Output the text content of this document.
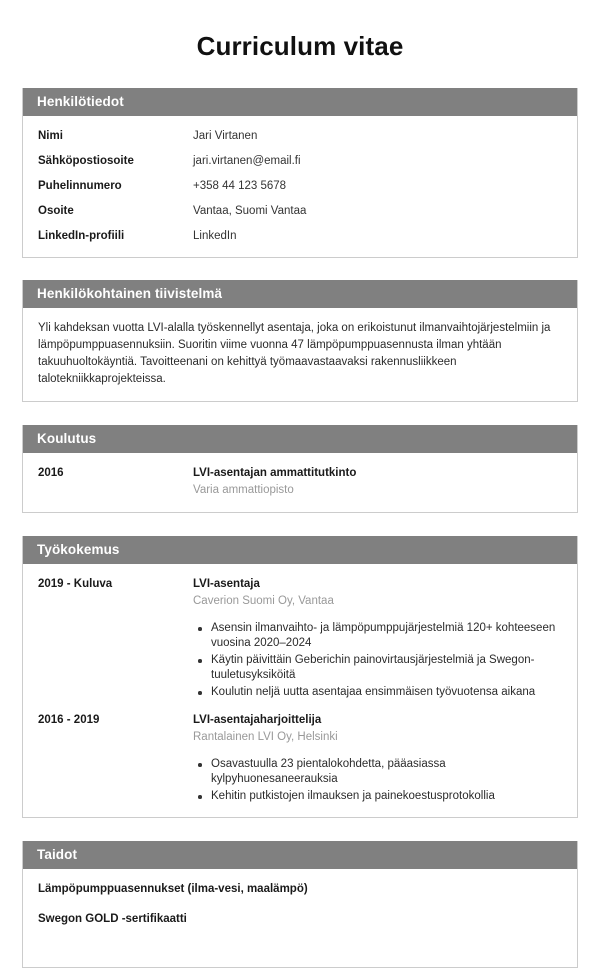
Curriculum vitae
Henkilötiedot
Nimi	Jari Virtanen
Sähköpostiosoite	jari.virtanen@email.fi
Puhelinnumero	+358 44 123 5678
Osoite	Vantaa, Suomi Vantaa
LinkedIn-profiili	LinkedIn
Henkilökohtainen tiivistelmä

Yli kahdeksan vuotta LVI-alalla työskennellyt asentaja, joka on erikoistunut ilmanvaihtojärjestelmiin ja lämpöpumppuasennuksiin. Suoritin viime vuonna 47 lämpöpumppuasennusta ilman yhtään takuuhuoltokäyntiä. Tavoitteenani on kehittyä työmaavastaavaksi rakennusliikkeen talotekniikkaprojekteissa.

Koulutus
2016	LVI-asentajan ammattitutkinto
Varia ammattiopisto
Työkokemus
2019 - Kuluva	LVI-asentaja
Caverion Suomi Oy, Vantaa
Asensin ilmanvaihto- ja lämpöpumppujärjestelmiä 120+ kohteeseen vuosina 2020–2024
Käytin päivittäin Geberichin painovirtausjärjestelmiä ja Swegon-tuuletusyksiköitä
Koulutin neljä uutta asentajaa ensimmäisen työvuotensa aikana
2016 - 2019	LVI-asentajaharjoittelija
Rantalainen LVI Oy, Helsinki
Osavastuulla 23 pientalokohdetta, pääasiassa kylpyhuonesaneerauksia
Kehitin putkistojen ilmauksen ja painekoestusprotokollia
Taidot
Lämpöpumppuasennukset (ilma-vesi, maalämpö)
Swegon GOLD -sertifikaatti
